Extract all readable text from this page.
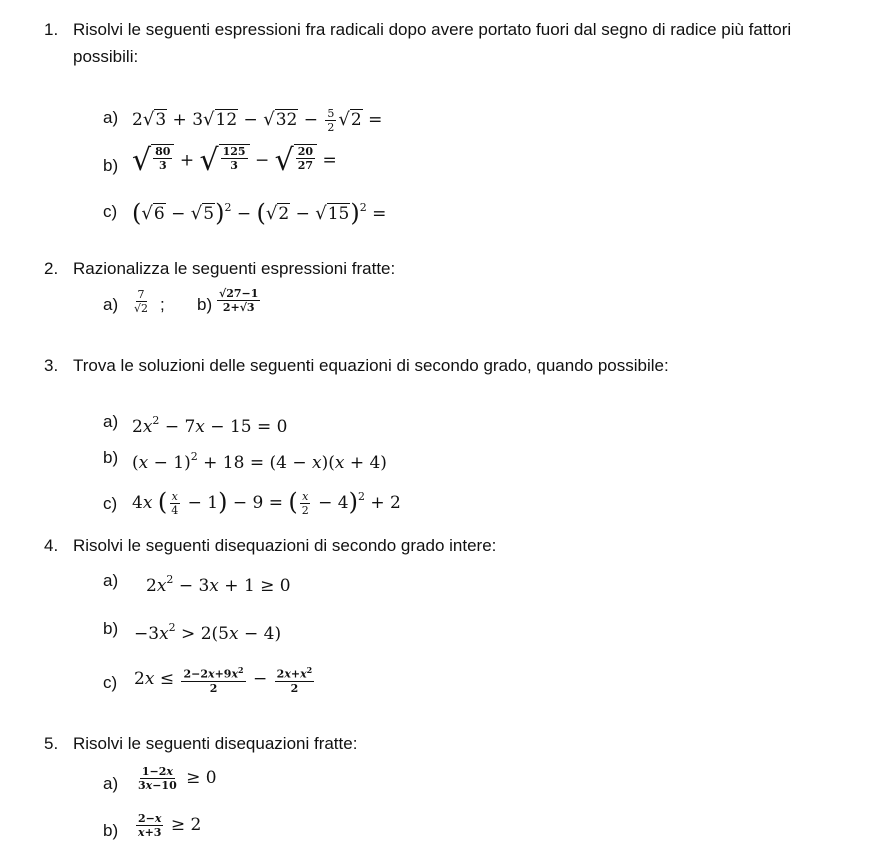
1. Risolvi le seguenti espressioni fra radicali dopo avere portato fuori dal segno di radice più fattori
possibili:
a) $2√3 + 3√12 - √32 - \frac{5}{2} √2$ =
b) √ $\frac{80}{3}$ + √ $\frac{125}{3}$ − √ $\frac{20}{27}$ =
c) $(√6 - √5)^2 - (√2 - √15)^2$ =
2. Razionalizza le seguenti espressioni fratte:
$a) \frac{7}{√2}$ ; $b) \frac{√27-1}{2+√3}$
3. Trova le soluzioni delle seguenti equazioni di secondo grado, quando possibile:
a) $2x^2 - 7x - 15 = 0$
b) $(x - 1)^2 + 18 = (4 - x)(x + 4)$
c) 4x ( $\frac{x}{4} - 1) - 9$ = ( $\frac{x}{2} - 4)^2 + 2$
4. Risolvi le seguenti disequazioni di secondo grado intere:
a) $2x^2 - 3x + 1 \ge 0$
$b) -3x^2 > 2(5x - 4)$
c) $2x \le \frac{2-2x+9x^2}{2} - \frac{2x+x^2}{2}$
5. Risolvi le seguenti disequazioni fratte:
$a) \frac{1-2x}{3x-10} \ge 0$
$b) \frac{2-x}{x+3} \ge 2$
